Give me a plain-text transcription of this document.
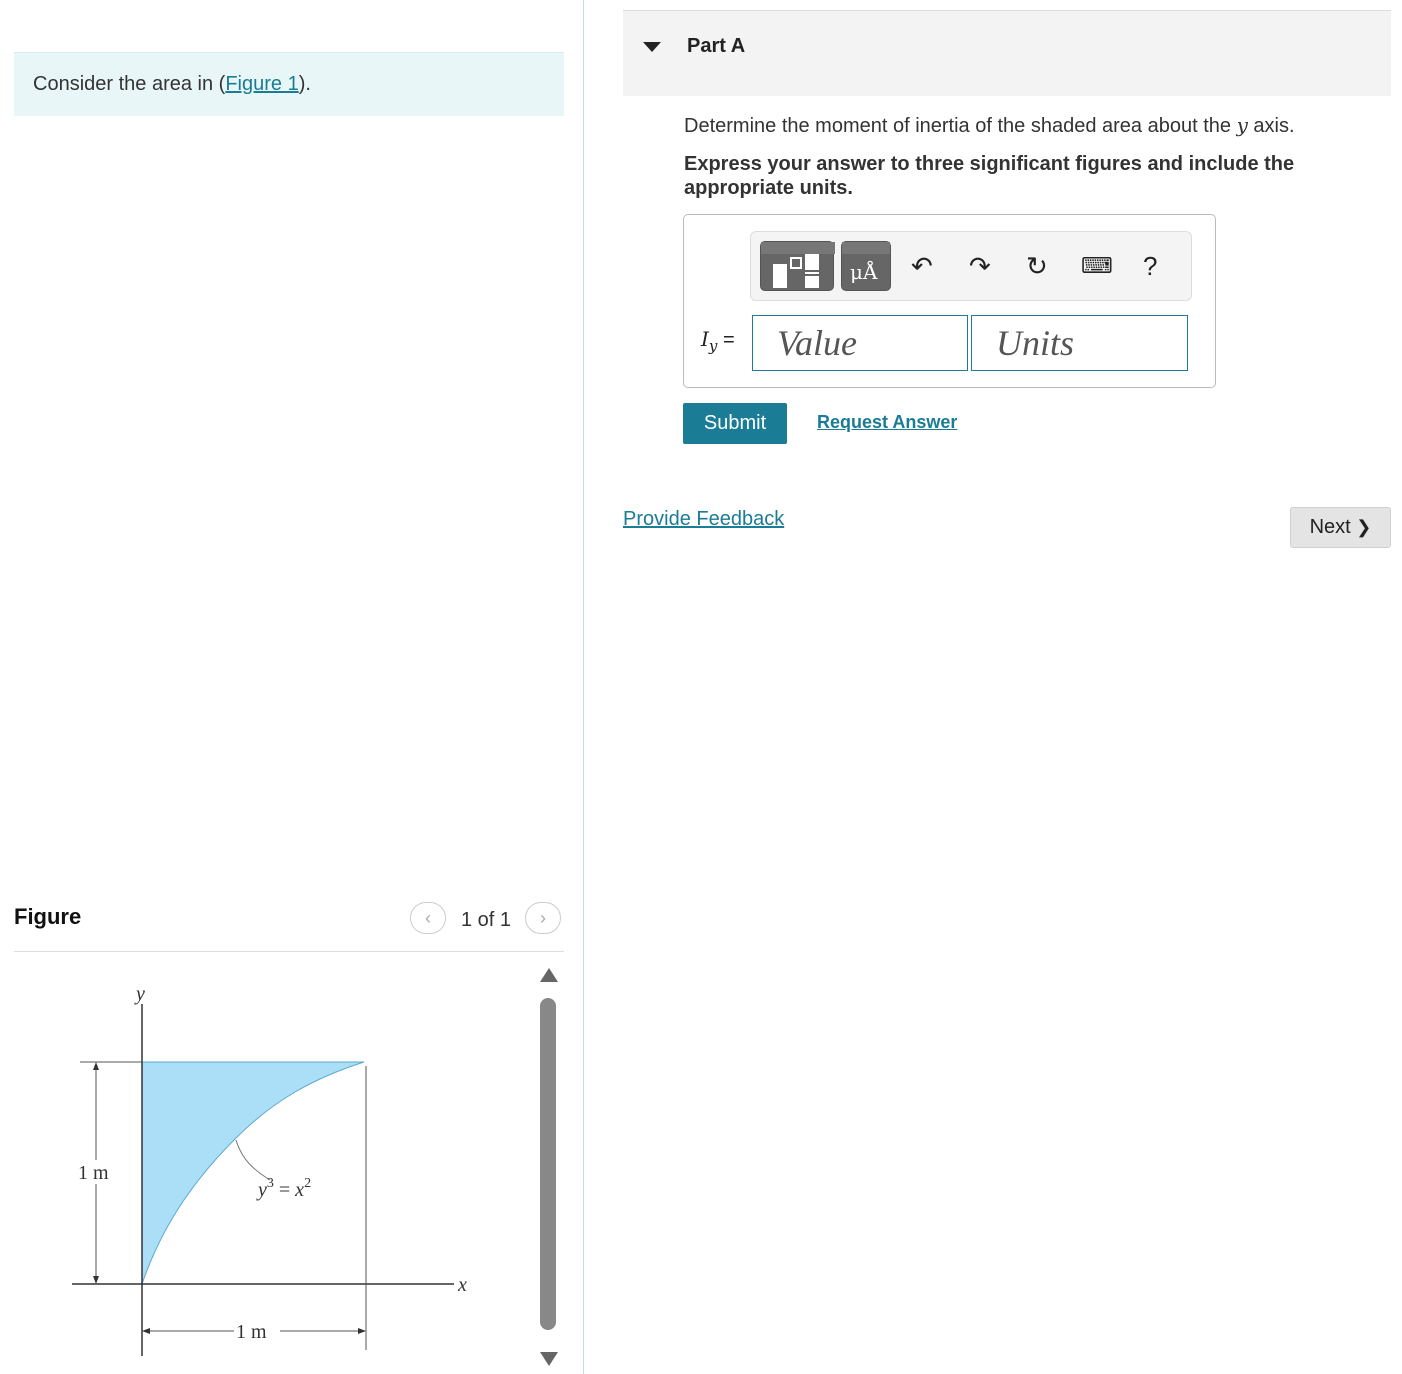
Consider the area in (Figure 1).
Figure	‹	1 of 1	›
y
x
1 m
1 m
$y^3 = x^2$
Part A
Determine the moment of inertia of the shaded area about the y axis.
Express your answer to three significant figures and include the appropriate units.
μÅ ↶ ↷ ↻ ⌨ ?
$I_y$ =	Value	Units
Submit	Request Answer
Provide Feedback	Next ❯
